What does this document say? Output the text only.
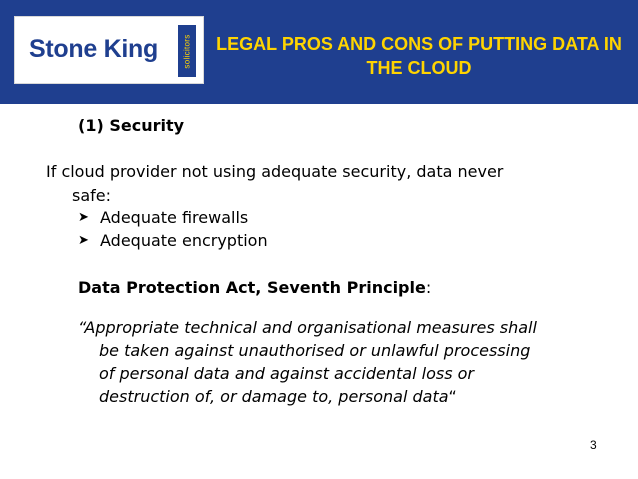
Stone King	solicitors LEGAL PROS AND CONS OF PUTTING DATA IN THE CLOUD
(1) Security
If cloud provider not using adequate security, data never
safe:
➤ Adequate firewalls
➤ Adequate encryption
Data Protection Act, Seventh Principle:
“Appropriate technical and organisational measures shall
be taken against unauthorised or unlawful processing
of personal data and against accidental loss or
destruction of, or damage to, personal data“
3
